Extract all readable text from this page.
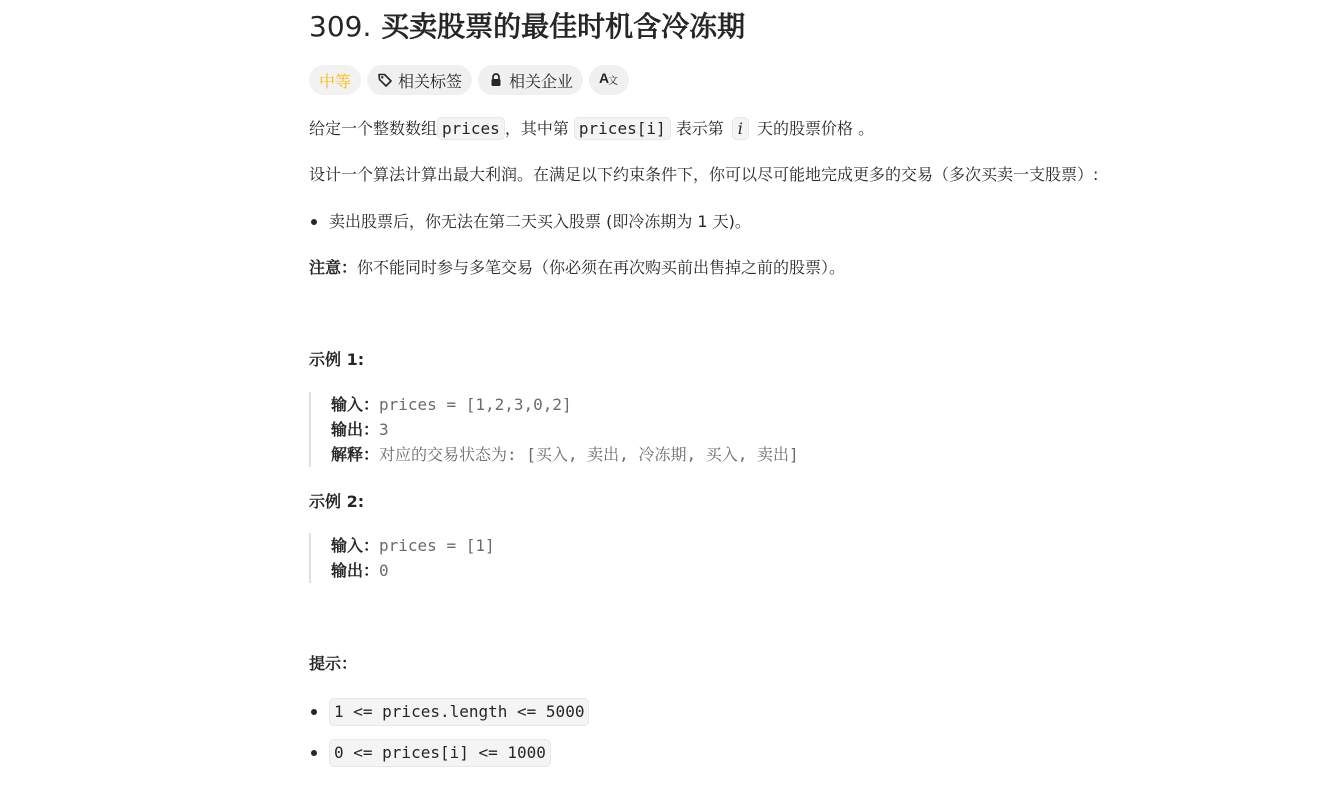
309. 买卖股票的最佳时机含冷冻期
中等	相关标签	相关企业 A
文

给定一个整数数组 prices ，其中第 prices[i] 表示第 i 天的股票价格 。

设计一个算法计算出最大利润。在满足以下约束条件下，你可以尽可能地完成更多的交易（多次买卖一支股票）:

卖出股票后，你无法在第二天买入股票 (即冷冻期为 1 天)。

注意：你不能同时参与多笔交易（你必须在再次购买前出售掉之前的股票）。

示例 1:
输入：prices = [1,2,3,0,2]
输出：3
解释：对应的交易状态为: [买入, 卖出, 冷冻期, 买入, 卖出]
示例 2:
输入：prices = [1]
输出：0
提示：
1 <= prices.length <= 5000
0 <= prices[i] <= 1000
